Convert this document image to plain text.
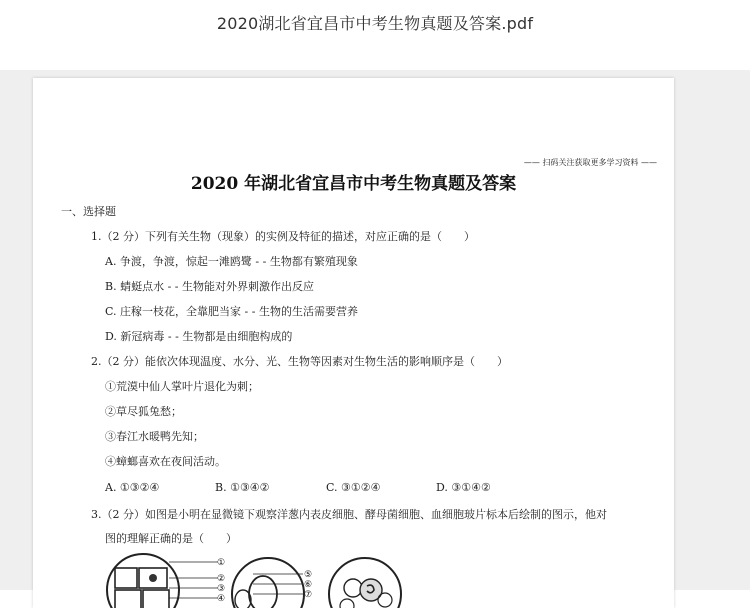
2020湖北省宜昌市中考生物真题及答案.pdf
—— 扫码关注获取更多学习资料 ——
2020 年湖北省宜昌市中考生物真题及答案
一、选择题
1.（2 分）下列有关生物（现象）的实例及特征的描述，对应正确的是（　　）
A. 争渡，争渡，惊起一滩鸥鹭 - - 生物都有繁殖现象
B. 蜻蜓点水 - - 生物能对外界刺激作出反应
C. 庄稼一枝花，全靠肥当家 - - 生物的生活需要营养
D. 新冠病毒 - - 生物都是由细胞构成的
2.（2 分）能依次体现温度、水分、光、生物等因素对生物生活的影响顺序是（　　）
①荒漠中仙人掌叶片退化为刺；
②草尽狐兔愁；
③春江水暖鸭先知；
④蟑螂喜欢在夜间活动。
A. ①③②④	B. ①③④②	C. ③①②④	D. ③①④②
3.（2 分）如图是小明在显微镜下观察洋葱内表皮细胞、酵母菌细胞、血细胞玻片标本后绘制的图示，他对
图的理解正确的是（　　）
①
②
③
④
⑤
⑥
⑦
